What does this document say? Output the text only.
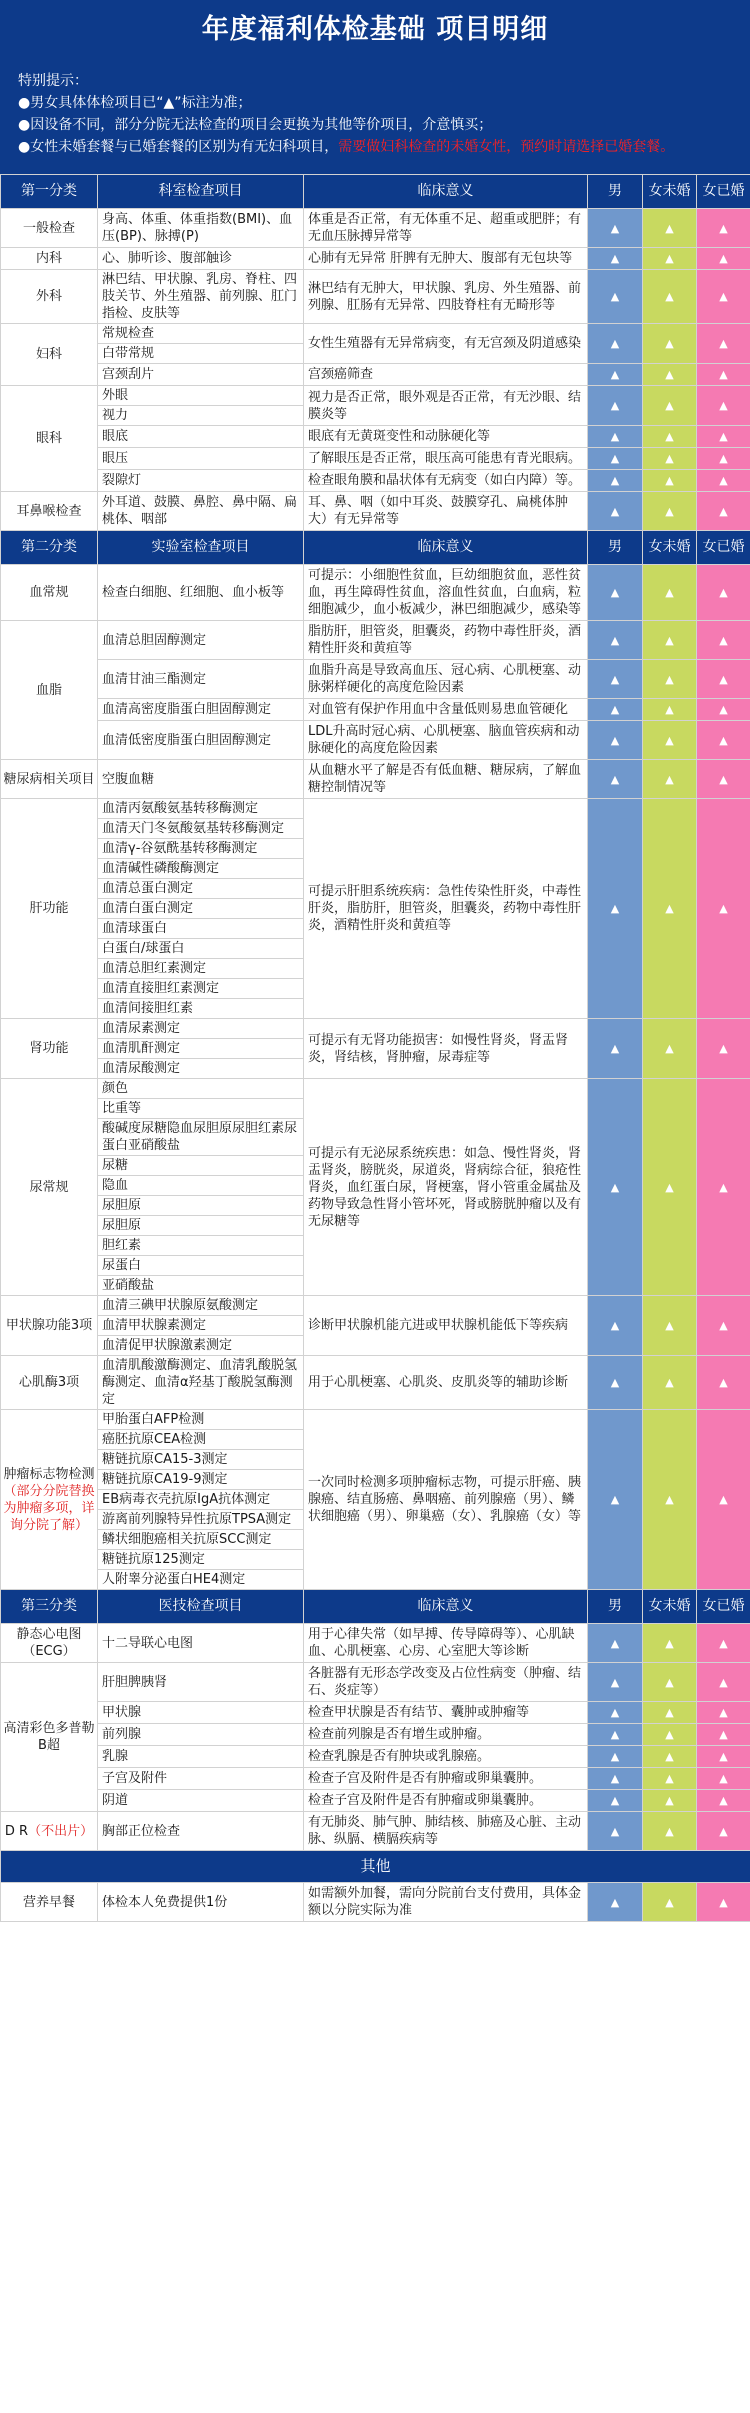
年度福利体检基础 项目明细
特别提示：
●男女具体体检项目已“▲”标注为准；
●因设备不同，部分分院无法检查的项目会更换为其他等价项目，介意慎买；
●女性未婚套餐与已婚套餐的区别为有无妇科项目，需要做妇科检查的未婚女性，预约时请选择已婚套餐。
第一分类	科室检查项目	临床意义	男	女未婚	女已婚
一般检查	身高、体重、体重指数(BMI)、血压(BP)、脉搏(P)	体重是否正常，有无体重不足、超重或肥胖；有无血压脉搏异常等	▲	▲	▲
内科	心、肺听诊、腹部触诊	心肺有无异常 肝脾有无肿大、腹部有无包块等	▲	▲	▲
外科	淋巴结、甲状腺、乳房、脊柱、四肢关节、外生殖器、前列腺、肛门指检、皮肤等	淋巴结有无肿大，甲状腺、乳房、外生殖器、前列腺、肛肠有无异常、四肢脊柱有无畸形等	▲	▲	▲
妇科	常规检查	女性生殖器有无异常病变，有无宫颈及阴道感染	▲	▲	▲
	白带常规				
	宫颈刮片	宫颈癌筛查	▲	▲	▲
眼科	外眼	视力是否正常，眼外观是否正常，有无沙眼、结膜炎等	▲	▲	▲
	视力				
	眼底	眼底有无黄斑变性和动脉硬化等	▲	▲	▲
	眼压	了解眼压是否正常，眼压高可能患有青光眼病。	▲	▲	▲
	裂隙灯	检查眼角膜和晶状体有无病变（如白内障）等。	▲	▲	▲
耳鼻喉检查	外耳道、鼓膜、鼻腔、鼻中隔、扁桃体、咽部	耳、鼻、咽（如中耳炎、鼓膜穿孔、扁桃体肿大）有无异常等	▲	▲	▲
第二分类	实验室检查项目	临床意义	男	女未婚	女已婚
血常规	检查白细胞、红细胞、血小板等	可提示：小细胞性贫血，巨幼细胞贫血，恶性贫血，再生障碍性贫血，溶血性贫血，白血病，粒细胞减少，血小板减少，淋巴细胞减少，感染等	▲	▲	▲
血脂	血清总胆固醇测定	脂肪肝，胆管炎，胆囊炎，药物中毒性肝炎，酒精性肝炎和黄疸等	▲	▲	▲
	血清甘油三酯测定	血脂升高是导致高血压、冠心病、心肌梗塞、动脉粥样硬化的高度危险因素	▲	▲	▲
	血清高密度脂蛋白胆固醇测定	对血管有保护作用血中含量低则易患血管硬化	▲	▲	▲
	血清低密度脂蛋白胆固醇测定	LDL升高时冠心病、心肌梗塞、脑血管疾病和动脉硬化的高度危险因素	▲	▲	▲
糖尿病相关项目	空腹血糖	从血糖水平了解是否有低血糖、糖尿病，了解血糖控制情况等	▲	▲	▲
肝功能	血清丙氨酸氨基转移酶测定	可提示肝胆系统疾病：急性传染性肝炎，中毒性肝炎，脂肪肝，胆管炎，胆囊炎，药物中毒性肝炎，酒精性肝炎和黄疸等	▲	▲	▲
	血清天门冬氨酸氨基转移酶测定				
	血清γ-谷氨酰基转移酶测定				
	血清碱性磷酸酶测定				
	血清总蛋白测定				
	血清白蛋白测定				
	血清球蛋白				
	白蛋白/球蛋白				
	血清总胆红素测定				
	血清直接胆红素测定				
	血清间接胆红素				
肾功能	血清尿素测定	可提示有无肾功能损害：如慢性肾炎，肾盂肾炎，肾结核，肾肿瘤，尿毒症等	▲	▲	▲
	血清肌酐测定				
	血清尿酸测定				
尿常规	颜色	可提示有无泌尿系统疾患：如急、慢性肾炎，肾盂肾炎，膀胱炎，尿道炎，肾病综合征，狼疮性肾炎，血红蛋白尿，肾梗塞，肾小管重金属盐及药物导致急性肾小管坏死，肾或膀胱肿瘤以及有无尿糖等	▲	▲	▲
	比重等				
	酸碱度尿糖隐血尿胆原尿胆红素尿蛋白亚硝酸盐				
	尿糖				
	隐血				
	尿胆原				
	尿胆原				
	胆红素				
	尿蛋白				
	亚硝酸盐				
甲状腺功能3项	血清三碘甲状腺原氨酸测定	诊断甲状腺机能亢进或甲状腺机能低下等疾病	▲	▲	▲
	血清甲状腺素测定				
	血清促甲状腺激素测定				
心肌酶3项	血清肌酸激酶测定、血清乳酸脱氢酶测定、血清α羟基丁酸脱氢酶测定	用于心肌梗塞、心肌炎、皮肌炎等的辅助诊断	▲	▲	▲
肿瘤标志物检测（部分分院替换为肿瘤多项，详询分院了解）	甲胎蛋白AFP检测	一次同时检测多项肿瘤标志物，可提示肝癌、胰腺癌、结直肠癌、鼻咽癌、前列腺癌（男）、鳞状细胞癌（男）、卵巢癌（女）、乳腺癌（女）等	▲	▲	▲
	癌胚抗原CEA检测				
	糖链抗原CA15-3测定				
	糖链抗原CA19-9测定				
	EB病毒衣壳抗原IgA抗体测定				
	游离前列腺特异性抗原TPSA测定				
	鳞状细胞癌相关抗原SCC测定				
	糖链抗原125测定				
	人附睾分泌蛋白HE4测定				
第三分类	医技检查项目	临床意义	男	女未婚	女已婚
静态心电图（ECG）	十二导联心电图	用于心律失常（如早搏、传导障碍等）、心肌缺血、心肌梗塞、心房、心室肥大等诊断	▲	▲	▲
高清彩色多普勒B超	肝胆脾胰肾	各脏器有无形态学改变及占位性病变（肿瘤、结石、炎症等）	▲	▲	▲
	甲状腺	检查甲状腺是否有结节、囊肿或肿瘤等	▲	▲	▲
	前列腺	检查前列腺是否有增生或肿瘤。	▲	▲	▲
	乳腺	检查乳腺是否有肿块或乳腺癌。	▲	▲	▲
	子宫及附件	检查子宫及附件是否有肿瘤或卵巢囊肿。	▲	▲	▲
	阴道	检查子宫及附件是否有肿瘤或卵巢囊肿。	▲	▲	▲
D R（不出片）	胸部正位检查	有无肺炎、肺气肿、肺结核、肺癌及心脏、主动脉、纵膈、横膈疾病等	▲	▲	▲
其他					
营养早餐	体检本人免费提供1份	如需额外加餐，需向分院前台支付费用，具体金额以分院实际为准	▲	▲	▲
